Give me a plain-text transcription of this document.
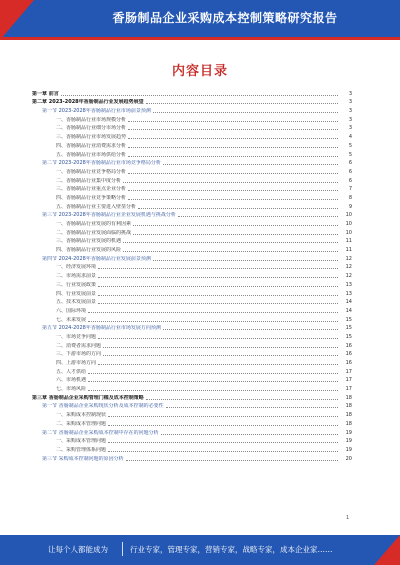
香肠制品企业采购成本控制策略研究报告
内容目录
第一章 前言	3
第二章 2023-2028年香肠制品行业发展趋势展望	3
第一节 2023-2028年香肠制品行业市场前景预测	3
一、香肠制品行业市场规模分析	3
二、香肠制品行业细分市场分析	3
三、香肠制品行业市场发展趋势	4
四、香肠制品行业消费需求分析	5
五、香肠制品行业市场供给分析	5
第二节 2023-2028年香肠制品行业市场竞争格局分析	6
一、香肠制品行业竞争格局分析	6
二、香肠制品行业集中度分析	6
三、香肠制品行业重点企业分析	7
四、香肠制品行业竞争策略分析	8
五、香肠制品行业主要进入壁垒分析	9
第三节 2023-2028年香肠制品行业企业发展机遇与挑战分析	10
一、香肠制品行业发展的有利因素	10
二、香肠制品行业发展面临的挑战	10
三、香肠制品行业发展的机遇	11
四、香肠制品行业发展的风险	11
第四节 2024-2028年香肠制品行业发展前景预测	12
一、经济发展环境	12
二、市场需求前景	12
三、行业发展政策	13
四、行业发展前景	13
五、技术发展前景	14
六、国际环境	14
七、未来发展	15
第五节 2024-2028年香肠制品行业市场发展方向预测	15
一、市场竞争问题	15
二、消费者需求问题	16
三、下游市场的方向	16
四、上游市场方向	16
五、人才供给	17
六、市场机遇	17
七、市场风险	17
第三章 香肠制品企业采购管理门槛及成本控制策略	18
第一节 香肠制品企业采购现状分析及成本控制的必要性	18
一、采购成本控制现状	18
二、采购成本管理问题	18
第二节 香肠制品企业采购成本控制中存在的问题分析	19
一、采购成本管理问题	19
二、采购管理体系问题	19
第三节 采购成本控制问题的原因分析	20
1
让每个人都能成为	行业专家，管理专家，营销专家，战略专家，成本企业家……
